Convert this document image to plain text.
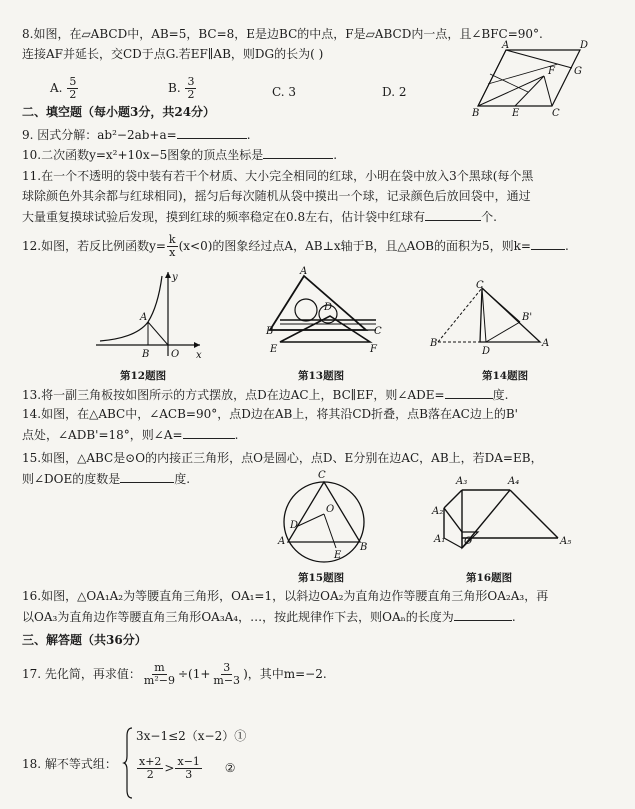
8.如图，在▱ABCD中，AB=5，BC=8，E是边BC的中点，F是▱ABCD内一点，且∠BFC=90°.
连接AF并延长，交CD于点G.若EF∥AB，则DG的长为( )
A. $\frac{5}{2}$	B. $\frac{3}{2}$	C. 3	D. 2
A	D
B	E	C
F G
二、填空题（每小题3分，共24分）
9. 因式分解：ab²−2ab+a=	.
10.二次函数y=x²+10x−5图象的顶点坐标是	.
11.在一个不透明的袋中装有若干个材质、大小完全相同的红球，小明在袋中放入3个黑球(每个黑
球除颜色外其余都与红球相同)，摇匀后每次随机从袋中摸出一个球，记录颜色后放回袋中，通过
大量重复摸球试验后发现，摸到红球的频率稳定在0.8左右，估计袋中红球有	个.
12.如图，若反比例函数$y= \frac{k}{x} (x<0)$的图象经过点A，AB⊥x轴于B，且△AOB的面积为5，则k=	.
y
x
A
B O
A
B	C
D
E	F
C
B'
A
B
D
第12题图	第13题图	第14题图
13.将一副三角板按如图所示的方式摆放，点D在边AC上，BC∥EF，则∠ADE=	度.
14.如图，在△ABC中，∠ACB=90°，点D边在AB上，将其沿CD折叠，点B落在AC边上的B'
点处，∠ADB'=18°，则∠A=	.
15.如图，△ABC是⊙O的内接正三角形，点O是圆心，点D、E分别在边AC，AB上，若DA=EB，
则∠DOE的度数是	度.	C
A
B
O
D
E
A₃	A₄
A₂
A₁ O	A₅
第15题图	第16题图
16.如图，△OA₁A₂为等腰直角三角形，OA₁=1，以斜边OA₂为直角边作等腰直角三角形OA₂A₃，再
以OA₃为直角边作等腰直角三角形OA₃A₄，…，按此规律作下去，则OAₙ的长度为	.
三、解答题（共36分）
17. 先化简，再求值： $\frac{m}{\text{m²−9}} \div(1+ \frac{3}{m-3}$ )，其中m=−2.
18. 解不等式组：
3x−1≤2（x−2）①
$\frac{x+2}{2} > \frac{x-1}{3}$ ②
